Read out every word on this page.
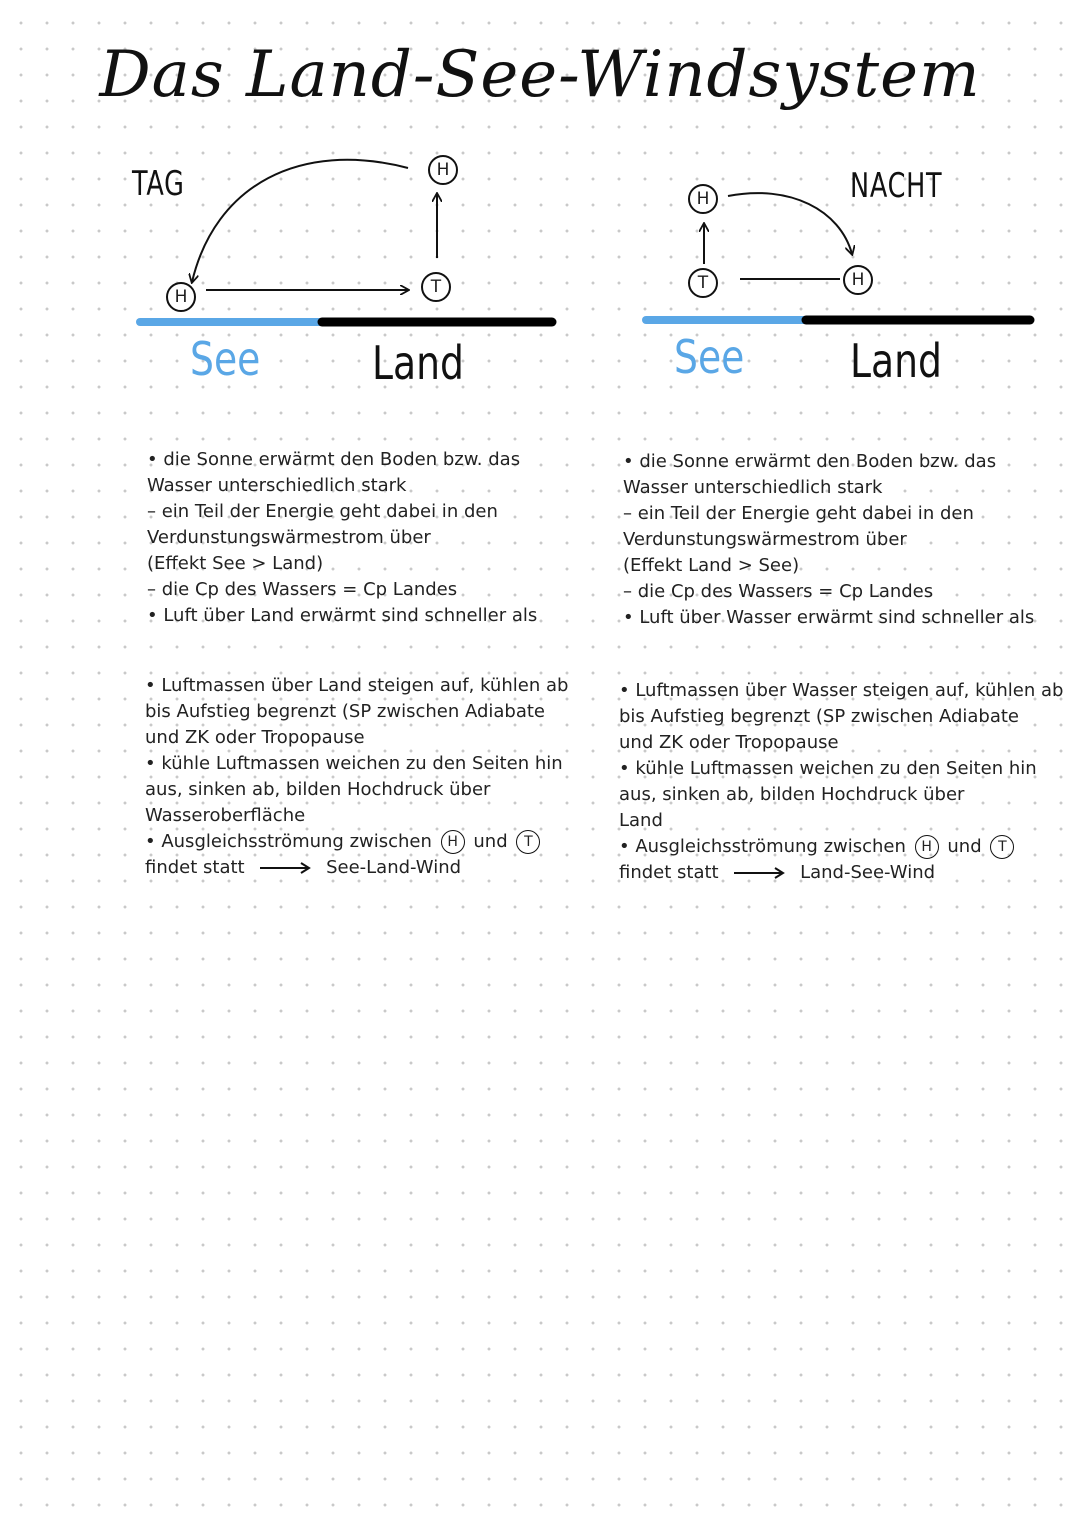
Das Land-See-Windsystem
TAG	H
T
H
See Land
NACHT
H
T	H
See Land
• die Sonne erwärmt den Boden bzw. das
Wasser unterschiedlich stark
– ein Teil der Energie geht dabei in den
Verdunstungswärmestrom über
(Effekt See > Land)
– die Cp des Wassers = Cp Landes
• Luft über Land erwärmt sind schneller als
• Luftmassen über Land steigen auf, kühlen ab
bis Aufstieg begrenzt (SP zwischen Adiabate
und ZK oder Tropopause
• kühle Luftmassen weichen zu den Seiten hin
aus, sinken ab, bilden Hochdruck über
Wasseroberfläche
• Ausgleichsströmung zwischen H und T
findet statt	See-Land-Wind
• die Sonne erwärmt den Boden bzw. das
Wasser unterschiedlich stark
– ein Teil der Energie geht dabei in den
Verdunstungswärmestrom über
(Effekt Land > See)
– die Cp des Wassers = Cp Landes
• Luft über Wasser erwärmt sind schneller als
• Luftmassen über Wasser steigen auf, kühlen ab
bis Aufstieg begrenzt (SP zwischen Adiabate
und ZK oder Tropopause
• kühle Luftmassen weichen zu den Seiten hin
aus, sinken ab, bilden Hochdruck über
Land
• Ausgleichsströmung zwischen H und T
findet statt	Land-See-Wind
